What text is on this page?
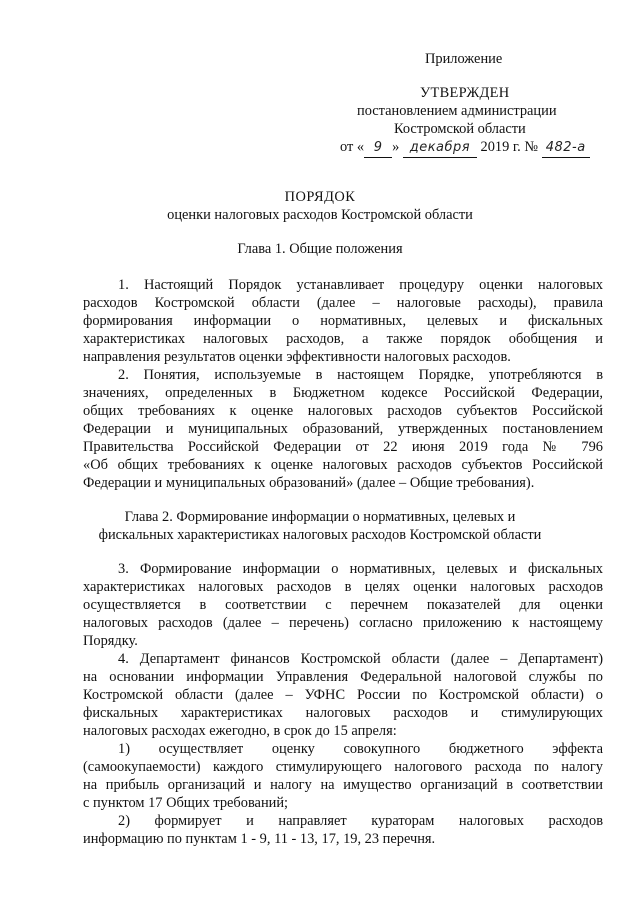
Приложение
УТВЕРЖДЕН
постановлением администрации
Костромской области
от « 9 » декабря 2019 г. № 482-а
ПОРЯДОК
оценки налоговых расходов Костромской области
Глава 1. Общие положения
1. Настоящий Порядок устанавливает процедуру оценки налоговых
расходов Костромской области (далее – налоговые расходы), правила
формирования информации о нормативных, целевых и фискальных
характеристиках налоговых расходов, а также порядок обобщения и
направления результатов оценки эффективности налоговых расходов.
2. Понятия, используемые в настоящем Порядке, употребляются в
значениях, определенных в Бюджетном кодексе Российской Федерации,
общих требованиях к оценке налоговых расходов субъектов Российской
Федерации и муниципальных образований, утвержденных постановлением
Правительства Российской Федерации от 22 июня 2019 года № 796
«Об общих требованиях к оценке налоговых расходов субъектов Российской
Федерации и муниципальных образований» (далее – Общие требования).
Глава 2. Формирование информации о нормативных, целевых и
фискальных характеристиках налоговых расходов Костромской области
3. Формирование информации о нормативных, целевых и фискальных
характеристиках налоговых расходов в целях оценки налоговых расходов
осуществляется в соответствии с перечнем показателей для оценки
налоговых расходов (далее – перечень) согласно приложению к настоящему
Порядку.
4. Департамент финансов Костромской области (далее – Департамент)
на основании информации Управления Федеральной налоговой службы по
Костромской области (далее – УФНС России по Костромской области) о
фискальных характеристиках налоговых расходов и стимулирующих
налоговых расходах ежегодно, в срок до 15 апреля:
1) осуществляет оценку совокупного бюджетного эффекта
(самоокупаемости) каждого стимулирующего налогового расхода по налогу
на прибыль организаций и налогу на имущество организаций в соответствии
с пунктом 17 Общих требований;
2) формирует и направляет кураторам налоговых расходов
информацию по пунктам 1 - 9, 11 - 13, 17, 19, 23 перечня.
